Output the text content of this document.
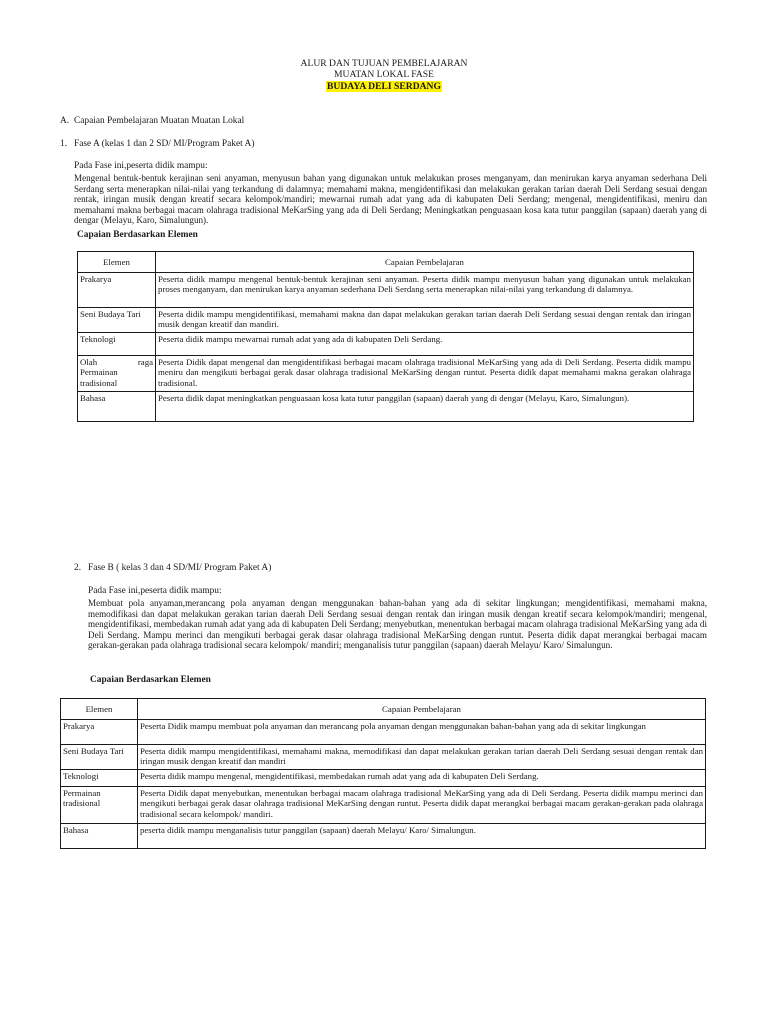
ALUR DAN TUJUAN PEMBELAJARAN
MUATAN LOKAL FASE
BUDAYA DELI SERDANG
A. Capaian Pembelajaran Muatan Muatan Lokal
1. Fase A (kelas 1 dan 2 SD/ MI/Program Paket A)
Pada Fase ini,peserta didik mampu:
Mengenal bentuk-bentuk kerajinan seni anyaman, menyusun bahan yang digunakan untuk melakukan proses menganyam, dan menirukan karya anyaman sederhana Deli Serdang serta menerapkan nilai-nilai yang terkandung di dalamnya; memahami makna, mengidentifikasi dan melakukan gerakan tarian daerah Deli Serdang sesuai dengan rentak, iringan musik dengan kreatif secara kelompok/mandiri; mewarnai rumah adat yang ada di kabupaten Deli Serdang; mengenal, mengidentifikasi, meniru dan memahami makna berbagai macam olahraga tradisional MeKarSing yang ada di Deli Serdang; Meningkatkan penguasaan kosa kata tutur panggilan (sapaan) daerah yang di dengar (Melayu, Karo, Simalungun).
Capaian Berdasarkan Elemen
Elemen	Capaian Pembelajaran
Prakarya	Peserta didik mampu mengenal bentuk-bentuk kerajinan seni anyaman. Peserta didik mampu menyusun bahan yang digunakan untuk melakukan proses menganyam, dan menirukan karya anyaman sederhana Deli Serdang serta menerapkan nilai-nilai yang terkandung di dalamnya.
Seni Budaya Tari	Peserta didik mampu mengidentifikasi, memahami makna dan dapat melakukan gerakan tarian daerah Deli Serdang sesuai dengan rentak dan iringan musik dengan kreatif dan mandiri.
Teknologi	Peserta didik mampu mewarnai rumah adat yang ada di kabupaten Deli Serdang.
Olah raga Permainan tradisional	Peserta Didik dapat mengenal dan mengidentifikasi berbagai macam olahraga tradisional MeKarSing yang ada di Deli Serdang. Peserta didik mampu meniru dan mengikuti berbagai gerak dasar olahraga tradisional MeKarSing dengan runtut. Peserta didik dapat memahami makna gerakan olahraga tradisional.
Bahasa	Peserta didik dapat meningkatkan penguasaan kosa kata tutur panggilan (sapaan) daerah yang di dengar (Melayu, Karo, Simalungun).
2. Fase B ( kelas 3 dan 4 SD/MI/ Program Paket A)
Pada Fase ini,peserta didik mampu:
Membuat pola anyaman,merancang pola anyaman dengan menggunakan bahan-bahan yang ada di sekitar lingkungan; mengidentifikasi, memahami makna, memodifikasi dan dapat melakukan gerakan tarian daerah Deli Serdang sesuai dengan rentak dan iringan musik dengan kreatif secara kelompok/mandiri; mengenal, mengidentifikasi, membedakan rumah adat yang ada di kabupaten Deli Serdang; menyebutkan, menentukan berbagai macam olahraga tradisional MeKarSing yang ada di Deli Serdang. Mampu merinci dan mengikuti berbagai gerak dasar olahraga tradisional MeKarSing dengan runtut. Peserta didik dapat merangkai berbagai macam gerakan-gerakan pada olahraga tradisional secara kelompok/ mandiri; menganalisis tutur panggilan (sapaan) daerah Melayu/ Karo/ Simalungun.
Capaian Berdasarkan Elemen
Elemen	Capaian Pembelajaran
Prakarya	Peserta Didik mampu membuat pola anyaman dan merancang pola anyaman dengan menggunakan bahan-bahan yang ada di sekitar lingkungan
Seni Budaya Tari	Peserta didik mampu mengidentifikasi, memahami makna, memodifikasi dan dapat melakukan gerakan tarian daerah Deli Serdang sesuai dengan rentak dan iringan musik dengan kreatif dan mandiri
Teknologi	Peserta didik mampu mengenal, mengidentifikasi, membedakan rumah adat yang ada di kabupaten Deli Serdang.
Permainan tradisional	Peserta Didik dapat menyebutkan, menentukan berbagai macam olahraga tradisional MeKarSing yang ada di Deli Serdang. Peserta didik mampu merinci dan mengikuti berbagai gerak dasar olahraga tradisional MeKarSing dengan runtut. Peserta didik dapat merangkai berbagai macam gerakan-gerakan pada olahraga tradisional secara kelompok/ mandiri.
Bahasa	peserta didik mampu menganalisis tutur panggilan (sapaan) daerah Melayu/ Karo/ Simalungun.
